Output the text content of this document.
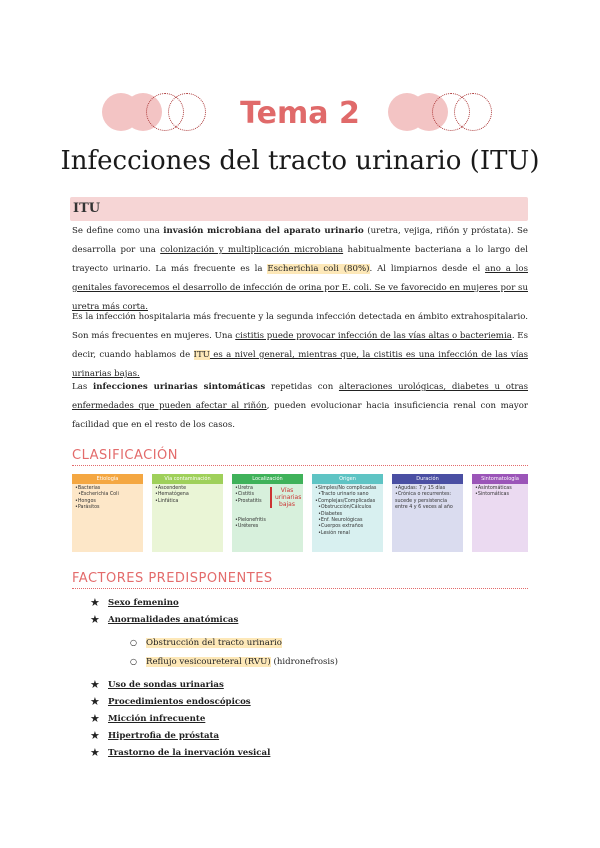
Tema 2
Infecciones del tracto urinario (ITU)
ITU
Se define como una invasión microbiana del aparato urinario (uretra, vejiga, riñón y próstata). Se desarrolla por una colonización y multiplicación microbiana habitualmente bacteriana a lo largo del trayecto urinario. La más frecuente es la Escherichia coli (80%). Al limpiarnos desde el ano a los genitales favorecemos el desarrollo de infección de orina por E. coli. Se ve favorecido en mujeres por su uretra más corta.
Es la infección hospitalaria más frecuente y la segunda infección detectada en ámbito extrahospitalario. Son más frecuentes en mujeres. Una cistitis puede provocar infección de las vías altas o bacteriemia. Es decir, cuando hablamos de ITU es a nivel general, mientras que, la cistitis es una infección de las vías urinarias bajas.
Las infecciones urinarias sintomáticas repetidas con alteraciones urológicas, diabetes u otras enfermedades que pueden afectar al riñón, pueden evolucionar hacia insuficiencia renal con mayor facilidad que en el resto de los casos.
CLASIFICACIÓN
Etiología
•Bacterias
•Escherichia Coli
•Hongos
•Parásitos
Vía contaminación
•Ascendente
•Hematógena
•Linfática
Localización
•Uretra
•Cistitis
•Prostatitis

•Pielonefritis
•Uréteres
Vías urinarias bajas
Origen
•Simples/No complicadas
•Tracto urinario sano
•Complejas/Complicadas
•Obstrucción/Cálculos
•Diabetes
•Enf. Neurológicas
•Cuerpos extraños
•Lesión renal
Duración
•Agudas: 7 y 15 días
•Crónica o recurrentes: sucede y persistencia entre 4 y 6 veces al año
Sintomatología
•Asintomáticas
•Sintomáticas
FACTORES PREDISPONENTES
★ Sexo femenino
★ Anormalidades anatómicas
○ Obstrucción del tracto urinario
○ Reflujo vesicoureteral (RVU) (hidronefrosis)
★ Uso de sondas urinarias
★ Procedimientos endoscópicos
★ Micción infrecuente
★ Hipertrofia de próstata
★ Trastorno de la inervación vesical
